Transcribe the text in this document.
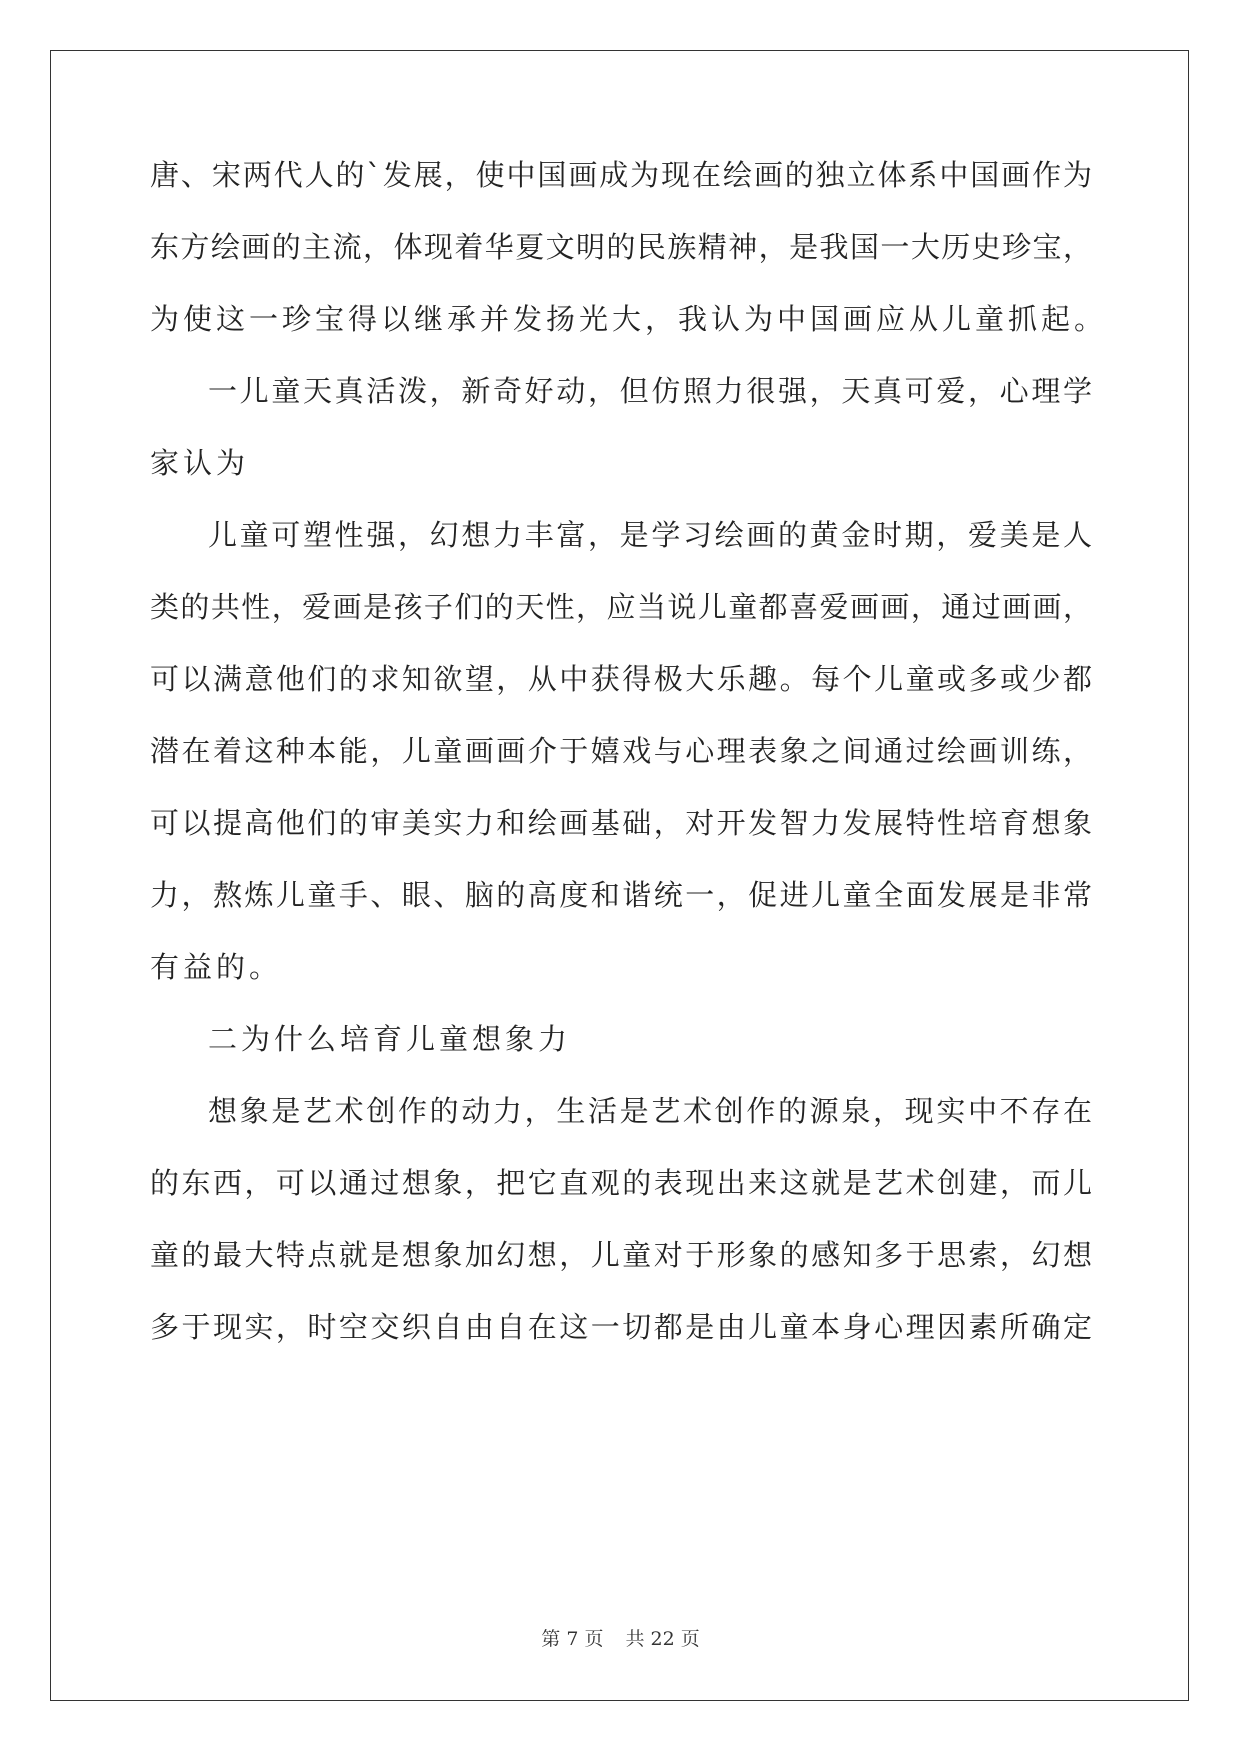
唐、宋两代人的`发展，使中国画成为现在绘画的独立体系中国画作为
东方绘画的主流，体现着华夏文明的民族精神，是我国一大历史珍宝，
为使这一珍宝得以继承并发扬光大，我认为中国画应从儿童抓起。
一儿童天真活泼，新奇好动，但仿照力很强，天真可爱，心理学
家认为
儿童可塑性强，幻想力丰富，是学习绘画的黄金时期，爱美是人
类的共性，爱画是孩子们的天性，应当说儿童都喜爱画画，通过画画，
可以满意他们的求知欲望，从中获得极大乐趣。每个儿童或多或少都
潜在着这种本能，儿童画画介于嬉戏与心理表象之间通过绘画训练，
可以提高他们的审美实力和绘画基础，对开发智力发展特性培育想象
力，熬炼儿童手、眼、脑的高度和谐统一，促进儿童全面发展是非常
有益的。
二为什么培育儿童想象力
想象是艺术创作的动力，生活是艺术创作的源泉，现实中不存在
的东西，可以通过想象，把它直观的表现出来这就是艺术创建，而儿
童的最大特点就是想象加幻想，儿童对于形象的感知多于思索，幻想
多于现实，时空交织自由自在这一切都是由儿童本身心理因素所确定
第 7 页 共 22 页
